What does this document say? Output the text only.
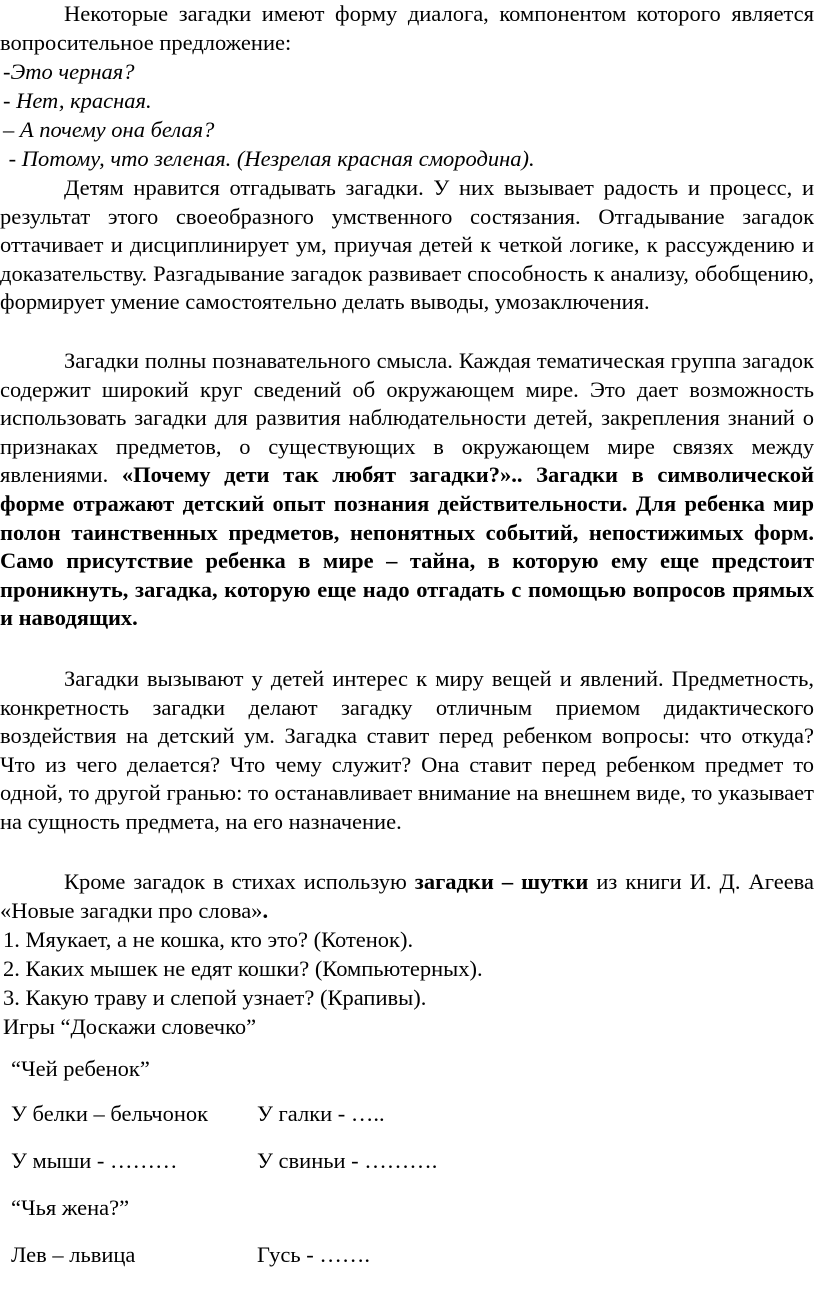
Некоторые загадки имеют форму диалога, компонентом которого является вопросительное предложение:

-Это черная?

- Нет, красная.

– А почему она белая?

- Потому, что зеленая. (Незрелая красная смородина).

Детям нравится отгадывать загадки. У них вызывает радость и процесс, и результат этого своеобразного умственного состязания. Отгадывание загадок оттачивает и дисциплинирует ум, приучая детей к четкой логике, к рассуждению и доказательству. Разгадывание загадок развивает способность к анализу, обобщению, формирует умение самостоятельно делать выводы, умозаключения.

Загадки полны познавательного смысла. Каждая тематическая группа загадок содержит широкий круг сведений об окружающем мире. Это дает возможность использовать загадки для развития наблюдательности детей, закрепления знаний о признаках предметов, о существующих в окружающем мире связях между явлениями. «Почему дети так любят загадки?».. Загадки в символической форме отражают детский опыт познания действительности. Для ребенка мир полон таинственных предметов, непонятных событий, непостижимых форм. Само присутствие ребенка в мире – тайна, в которую ему еще предстоит проникнуть, загадка, которую еще надо отгадать с помощью вопросов прямых и наводящих.

Загадки вызывают у детей интерес к миру вещей и явлений. Предметность, конкретность загадки делают загадку отличным приемом дидактического воздействия на детский ум. Загадка ставит перед ребенком вопросы: что откуда? Что из чего делается? Что чему служит? Она ставит перед ребенком предмет то одной, то другой гранью: то останавливает внимание на внешнем виде, то указывает на сущность предмета, на его назначение.

Кроме загадок в стихах использую загадки – шутки из книги И. Д. Агеева «Новые загадки про слова».

1. Мяукает, а не кошка, кто это? (Котенок).

2. Каких мышек не едят кошки? (Компьютерных).

3. Какую траву и слепой узнает? (Крапивы).

Игры “Доскажи словечко”

“Чей ребенок”

У белки – бельчонок У галки - …..
У мыши - ………	У свиньи - ……….

“Чья жена?”

Лев – львица	Гусь - …….
